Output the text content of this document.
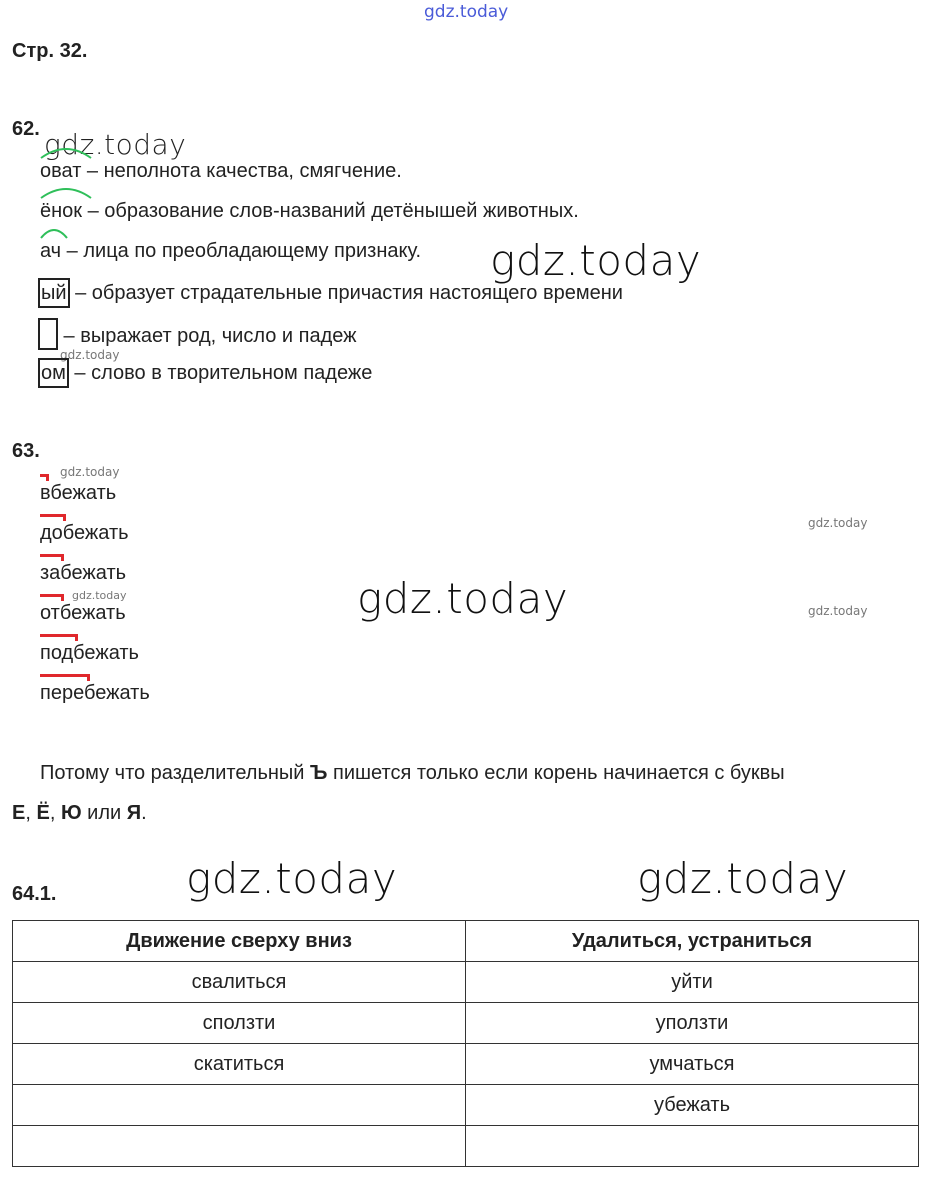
gdz.today
gdz.today
gdz.today
gdz.today
gdz.today
gdz.today
gdz.today
gdz.today
gdz.today
gdz.today	gdz.today
Стр. 32.
62.
оват – неполнота качества, смягчение.
ёнок – образование слов-названий детёнышей животных.
ач – лица по преобладающему признаку.
ый – образует страдательные причастия настоящего времени
– выражает род, число и падеж
ом – слово в творительном падеже
63.
вбежать
добежать
забежать
отбежать
подбежать
перебежать
Потому что разделительный Ъ пишется только если корень начинается с буквы
Е, Ё, Ю или Я.
64.1.
Движение сверху вниз	Удалиться, устраниться
свалиться	уйти
сползти	уползти
скатиться	умчаться
	убежать
